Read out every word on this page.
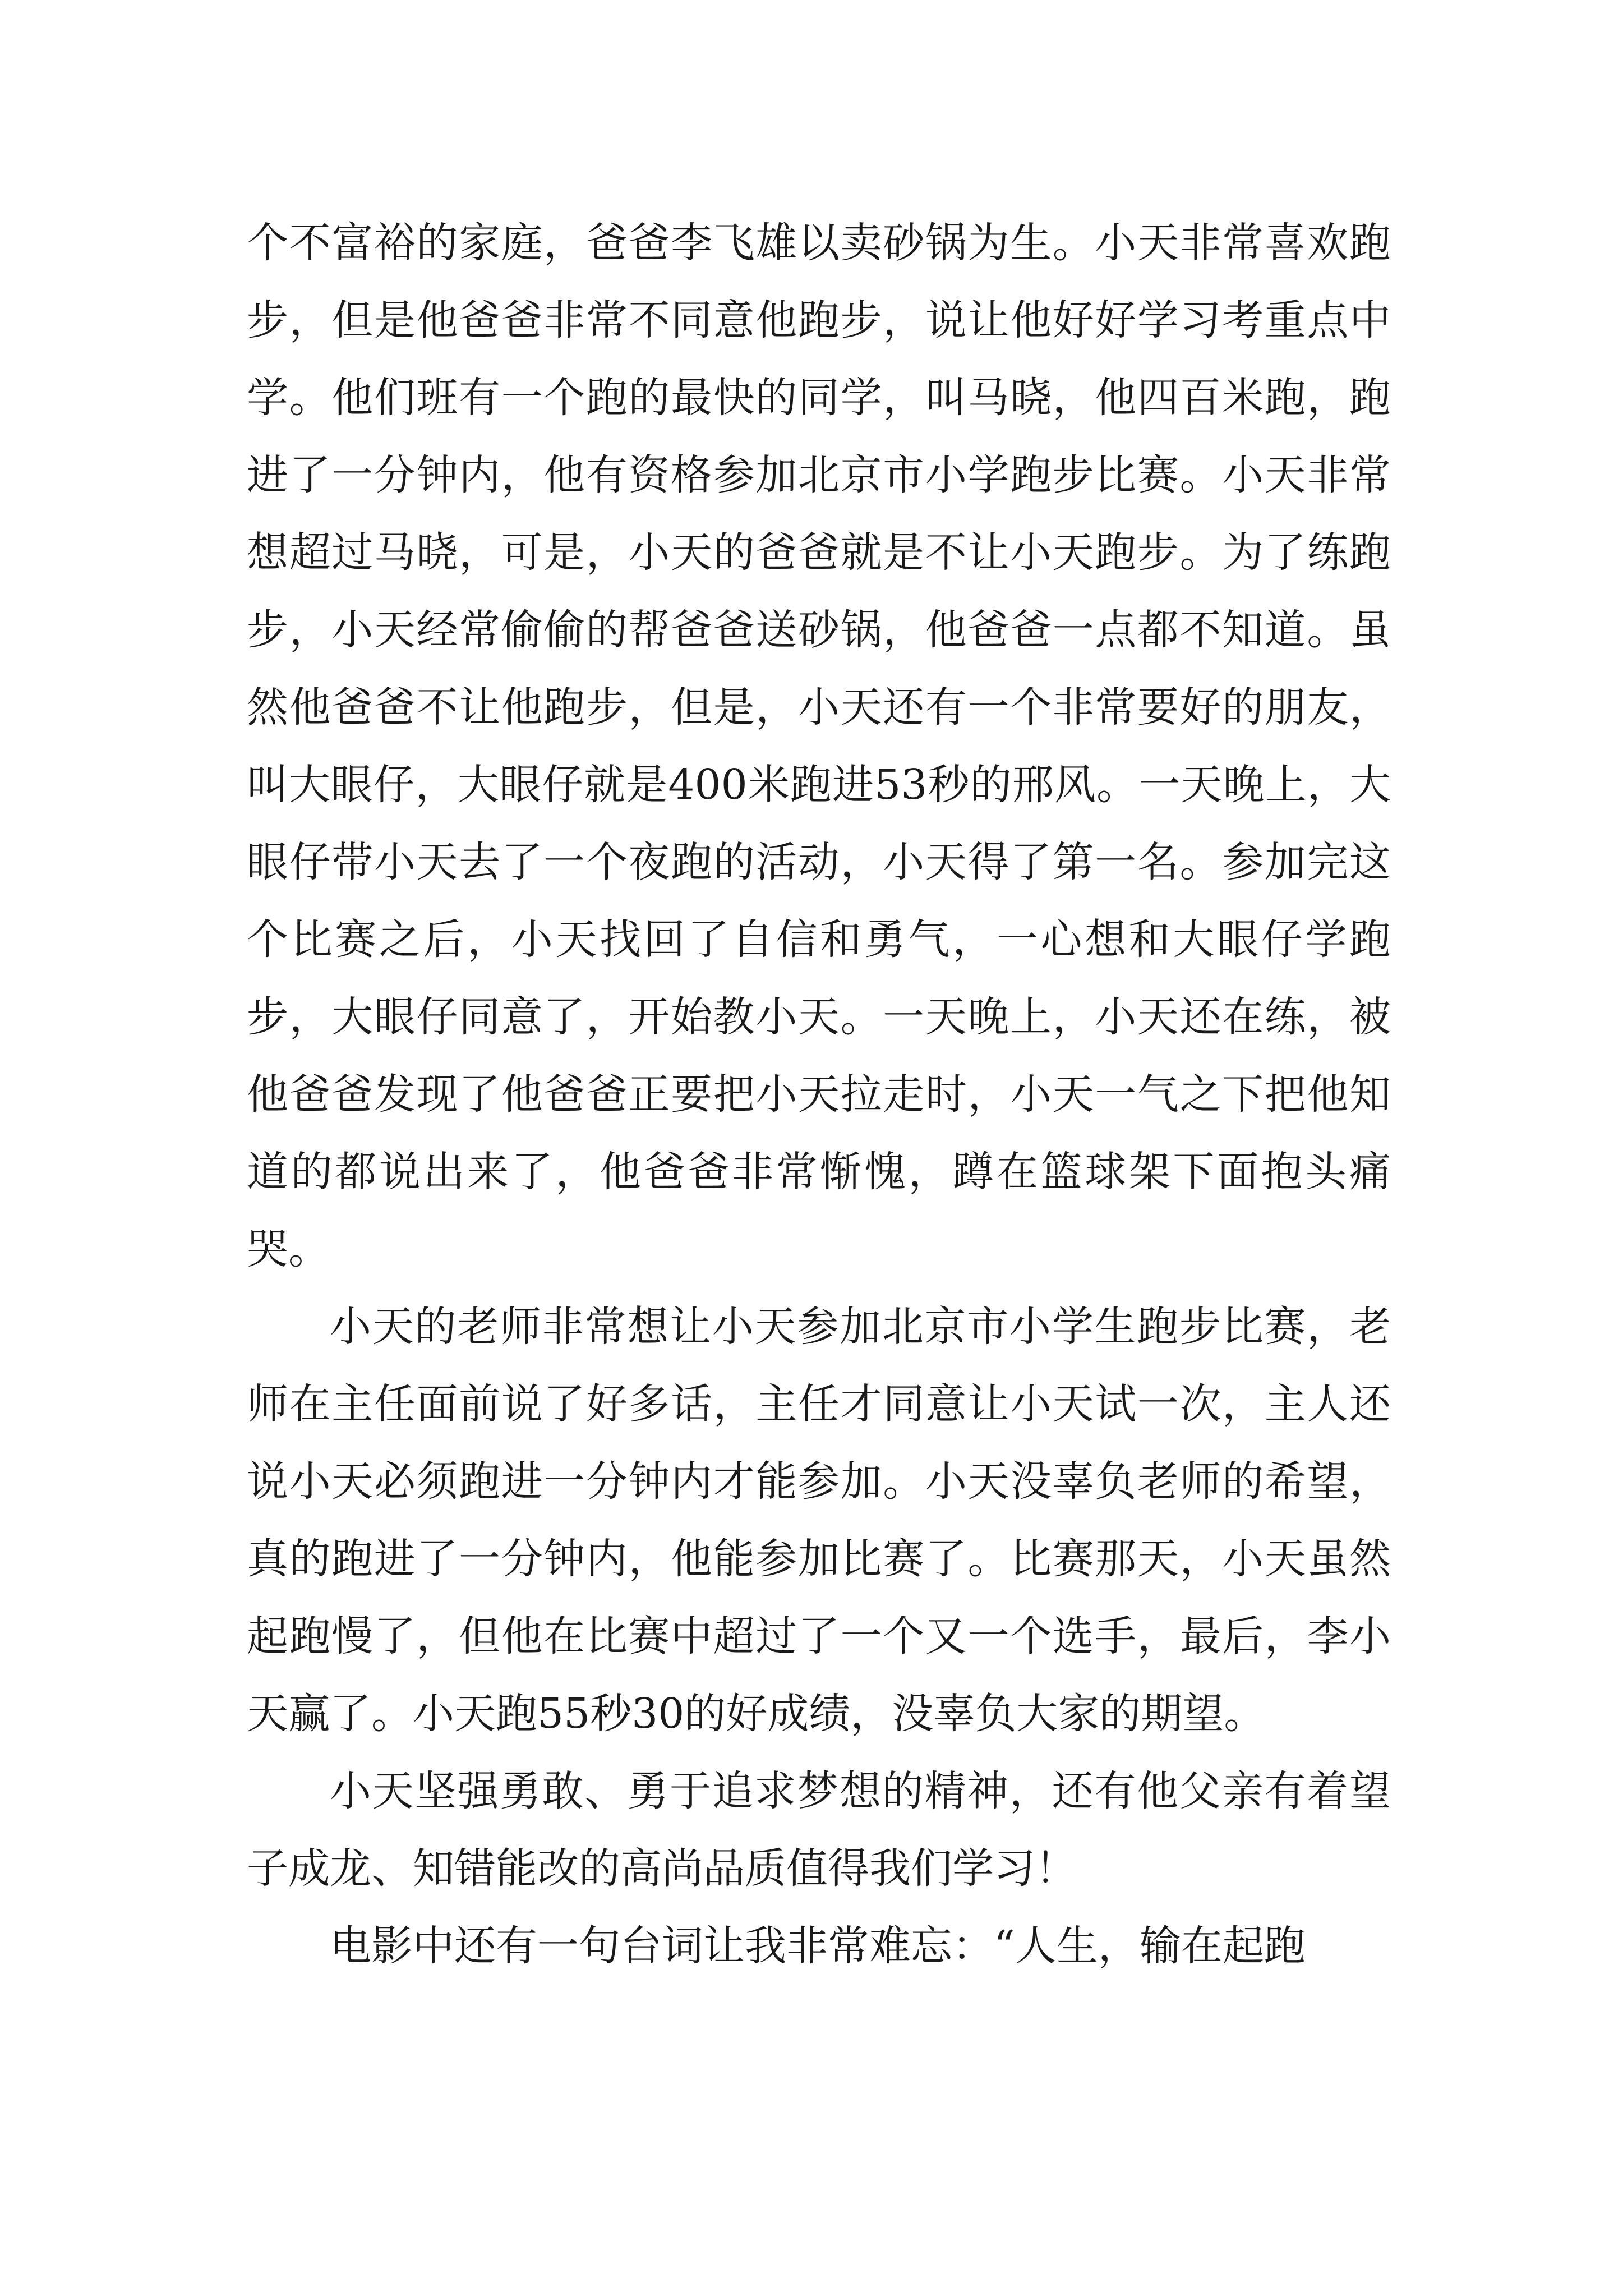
个不富裕的家庭，爸爸李飞雄以卖砂锅为生。小天非常喜欢跑步，但是他爸爸非常不同意他跑步，说让他好好学习考重点中学。他们班有一个跑的最快的同学，叫马晓，他四百米跑，跑进了一分钟内，他有资格参加北京市小学跑步比赛。小天非常想超过马晓，可是，小天的爸爸就是不让小天跑步。为了练跑步，小天经常偷偷的帮爸爸送砂锅，他爸爸一点都不知道。虽然他爸爸不让他跑步，但是，小天还有一个非常要好的朋友，叫大眼仔，大眼仔就是400米跑进53秒的邢风。一天晚上，大眼仔带小天去了一个夜跑的活动，小天得了第一名。参加完这个比赛之后，小天找回了自信和勇气，一心想和大眼仔学跑步，大眼仔同意了，开始教小天。一天晚上，小天还在练，被他爸爸发现了他爸爸正要把小天拉走时，小天一气之下把他知道的都说出来了，他爸爸非常惭愧，蹲在篮球架下面抱头痛哭。

小天的老师非常想让小天参加北京市小学生跑步比赛，老师在主任面前说了好多话，主任才同意让小天试一次，主人还说小天必须跑进一分钟内才能参加。小天没辜负老师的希望，真的跑进了一分钟内，他能参加比赛了。比赛那天，小天虽然起跑慢了，但他在比赛中超过了一个又一个选手，最后，李小天赢了。小天跑55秒30的好成绩，没辜负大家的期望。

小天坚强勇敢、勇于追求梦想的精神，还有他父亲有着望子成龙、知错能改的高尚品质值得我们学习！

电影中还有一句台词让我非常难忘：“人生，输在起跑
